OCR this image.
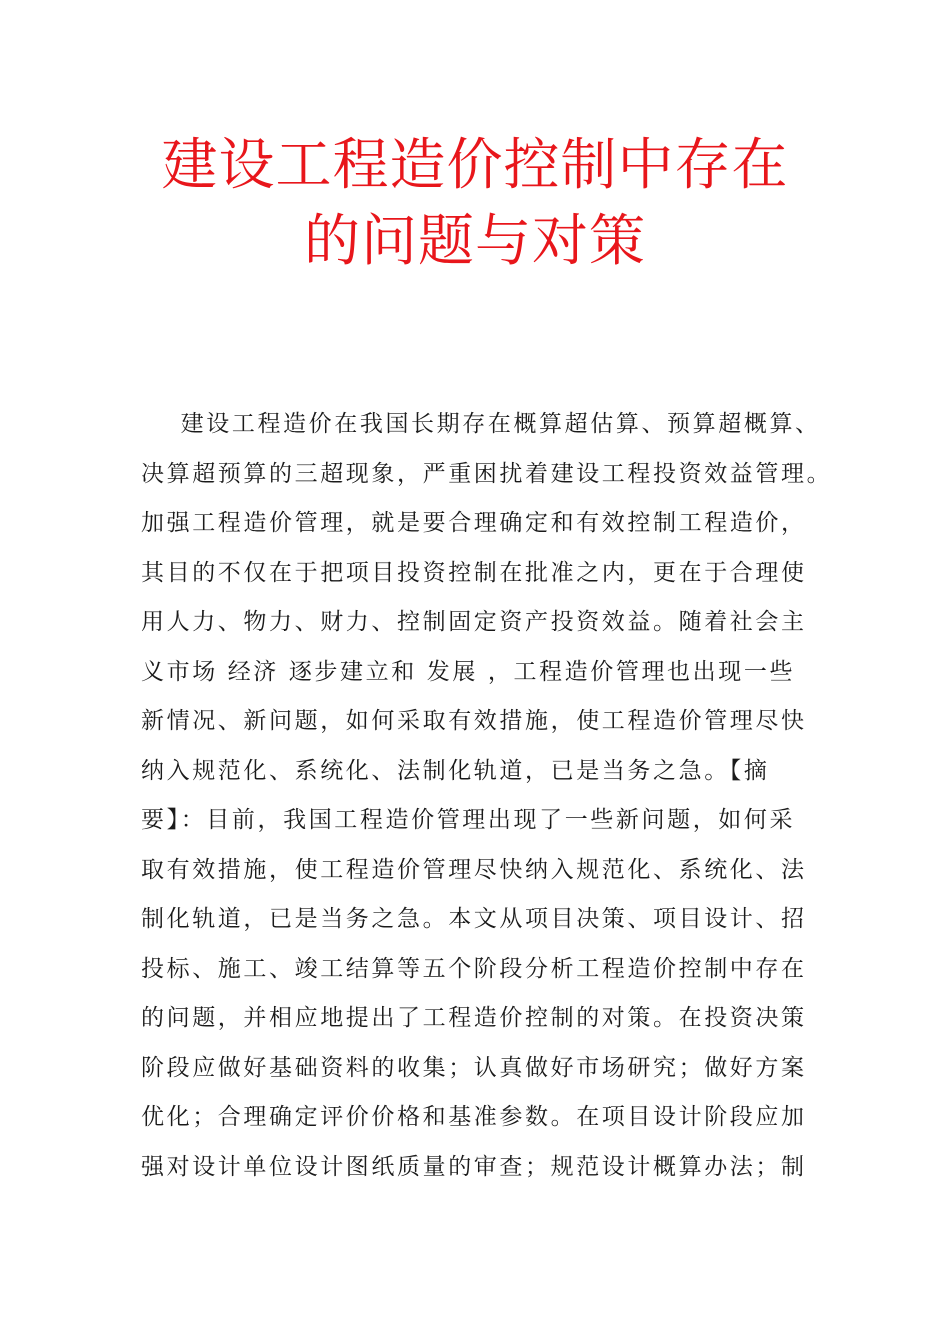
建设工程造价控制中存在
的问题与对策
建设工程造价在我国长期存在概算超估算、预算超概算、
决算超预算的三超现象，严重困扰着建设工程投资效益管理。
加强工程造价管理，就是要合理确定和有效控制工程造价，
其目的不仅在于把项目投资控制在批准之内，更在于合理使
用人力、物力、财力、控制固定资产投资效益。随着社会主
义市场 经济 逐步建立和 发展 ，工程造价管理也出现一些
新情况、新问题，如何采取有效措施，使工程造价管理尽快
纳入规范化、系统化、法制化轨道，已是当务之急。【摘
要】：目前，我国工程造价管理出现了一些新问题，如何采
取有效措施，使工程造价管理尽快纳入规范化、系统化、法
制化轨道，已是当务之急。本文从项目决策、项目设计、招
投标、施工、竣工结算等五个阶段分析工程造价控制中存在
的问题，并相应地提出了工程造价控制的对策。在投资决策
阶段应做好基础资料的收集；认真做好市场研究；做好方案
优化；合理确定评价价格和基准参数。在项目设计阶段应加
强对设计单位设计图纸质量的审查；规范设计概算办法；制
